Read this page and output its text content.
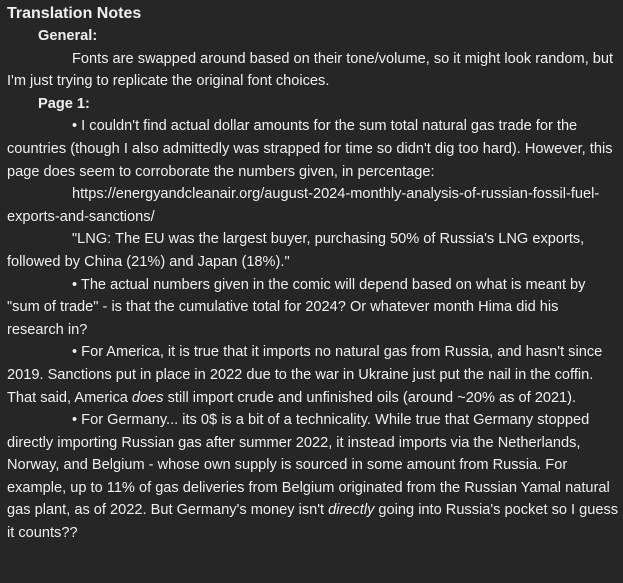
Translation Notes
General:

Fonts are swapped around based on their tone/volume, so it might look random, but I'm just trying to replicate the original font choices.

Page 1:

• I couldn't find actual dollar amounts for the sum total natural gas trade for the countries (though I also admittedly was strapped for time so didn't dig too hard). However, this page does seem to corroborate the numbers given, in percentage:

https://energyandcleanair.org/august-2024-monthly-analysis-of-russian-fossil-fuel-exports-and-sanctions/

"LNG: The EU was the largest buyer, purchasing 50% of Russia's LNG exports, followed by China (21%) and Japan (18%)."

• The actual numbers given in the comic will depend based on what is meant by "sum of trade" - is that the cumulative total for 2024? Or whatever month Hima did his research in?

• For America, it is true that it imports no natural gas from Russia, and hasn't since 2019. Sanctions put in place in 2022 due to the war in Ukraine just put the nail in the coffin. That said, America does still import crude and unfinished oils (around ~20% as of 2021).

• For Germany... its 0$ is a bit of a technicality. While true that Germany stopped directly importing Russian gas after summer 2022, it instead imports via the Netherlands, Norway, and Belgium - whose own supply is sourced in some amount from Russia. For example, up to 11% of gas deliveries from Belgium originated from the Russian Yamal natural gas plant, as of 2022. But Germany's money isn't directly going into Russia's pocket so I guess it counts??
